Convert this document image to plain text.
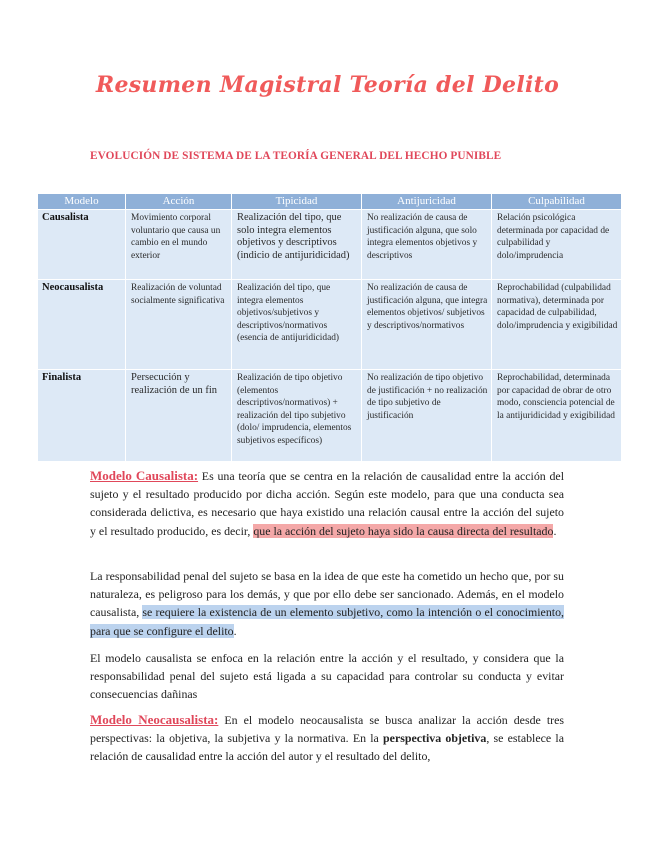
Resumen Magistral Teoría del Delito
EVOLUCIÓN DE SISTEMA DE LA TEORÍA GENERAL DEL HECHO PUNIBLE
Modelo	Acción	Tipicidad	Antijuricidad	Culpabilidad
Causalista	Movimiento corporal voluntario que causa un cambio en el mundo exterior	Realización del tipo, que solo integra elementos objetivos y descriptivos (indicio de antijuridicidad)	No realización de causa de justificación alguna, que solo integra elementos objetivos y descriptivos	Relación psicológica determinada por capacidad de culpabilidad y dolo/imprudencia
Neocausalista	Realización de voluntad socialmente significativa	Realización del tipo, que integra elementos objetivos/subjetivos y descriptivos/normativos (esencia de antijuridicidad)	No realización de causa de justificación alguna, que integra elementos objetivos/ subjetivos y descriptivos/normativos	Reprochabilidad (culpabilidad normativa), determinada por capacidad de culpabilidad, dolo/imprudencia y exigibilidad
Finalista	Persecución y realización de un fin	Realización de tipo objetivo (elementos descriptivos/normativos) + realización del tipo subjetivo (dolo/ imprudencia, elementos subjetivos específicos)	No realización de tipo objetivo de justificación + no realización de tipo subjetivo de justificación	Reprochabilidad, determinada por capacidad de obrar de otro modo, consciencia potencial de la antijuridicidad y exigibilidad

Modelo Causalista: Es una teoría que se centra en la relación de causalidad entre la acción del sujeto y el resultado producido por dicha acción. Según este modelo, para que una conducta sea considerada delictiva, es necesario que haya existido una relación causal entre la acción del sujeto y el resultado producido, es decir, que la acción del sujeto haya sido la causa directa del resultado.

La responsabilidad penal del sujeto se basa en la idea de que este ha cometido un hecho que, por su naturaleza, es peligroso para los demás, y que por ello debe ser sancionado. Además, en el modelo causalista, se requiere la existencia de un elemento subjetivo, como la intención o el conocimiento, para que se configure el delito.

El modelo causalista se enfoca en la relación entre la acción y el resultado, y considera que la responsabilidad penal del sujeto está ligada a su capacidad para controlar su conducta y evitar consecuencias dañinas

Modelo Neocausalista: En el modelo neocausalista se busca analizar la acción desde tres perspectivas: la objetiva, la subjetiva y la normativa. En la perspectiva objetiva, se establece la relación de causalidad entre la acción del autor y el resultado del delito,
